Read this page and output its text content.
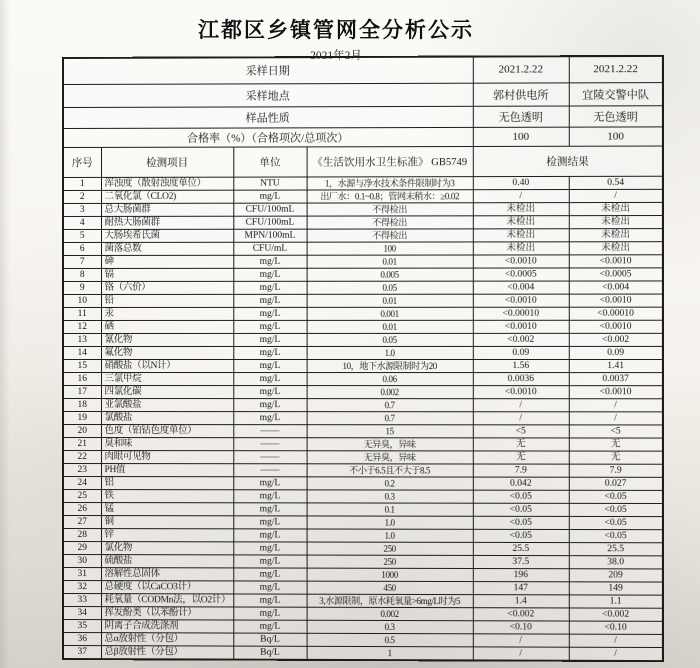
江都区乡镇管网全分析公示
2021年2月
采样日期				2021.2.22	2021.2.22
采样地点				郭村供电所	宜陵交警中队
样品性质				无色透明	无色透明
合格率（%）（合格项次/总项次）				100	100
序号	检测项目	单位	《生活饮用水卫生标准》 GB5749	检测结果	
1	浑浊度（散射浊度单位）	NTU	1，水源与净水技术条件限制时为3	0.40	0.54
2	二氧化氯（CLO2)	mg/L	出厂水：0.1~0.8；管网末稍水：≥0.02	/	/
3	总大肠菌群	CFU/100mL	不得检出	未检出	未检出
4	耐热大肠菌群	CFU/100mL	不得检出	未检出	未检出
5	大肠埃希氏菌	MPN/100mL	不得检出	未检出	未检出
6	菌落总数	CFU/mL	100	未检出	未检出
7	砷	mg/L	0.01	<0.0010	<0.0010
8	镉	mg/L	0.005	<0.0005	<0.0005
9	铬（六价）	mg/L	0.05	<0.004	<0.004
10	铅	mg/L	0.01	<0.0010	<0.0010
11	汞	mg/L	0.001	<0.00010	<0.00010
12	硒	mg/L	0.01	<0.0010	<0.0010
13	氰化物	mg/L	0.05	<0.002	<0.002
14	氟化物	mg/L	1.0	0.09	0.09
15	硝酸盐（以N计）	mg/L	10，地下水源限制时为20	1.56	1.41
16	三氯甲烷	mg/L	0.06	0.0036	0.0037
17	四氯化碳	mg/L	0.002	<0.0010	<0.0010
18	亚氯酸盐	mg/L	0.7	/	/
19	氯酸盐	mg/L	0.7	/	/
20	色度（铂钴色度单位）	——	15	<5	<5
21	臭和味	——	无异臭，异味	无	无
22	肉眼可见物	——	无异臭，异味	无	无
23	PH值	——	不小于6.5且不大于8.5	7.9	7.9
24	铝	mg/L	0.2	0.042	0.027
25	铁	mg/L	0.3	<0.05	<0.05
26	锰	mg/L	0.1	<0.05	<0.05
27	铜	mg/L	1.0	<0.05	<0.05
28	锌	mg/L	1.0	<0.05	<0.05
29	氯化物	mg/L	250	25.5	25.5
30	硫酸盐	mg/L	250	37.5	38.0
31	溶解性总固体	mg/L	1000	196	209
32	总硬度（以CaCO3计）	mg/L	450	147	149
33	耗氧量（CODMn法，以O2计）	mg/L	3,水源限制，原水耗氧量>6mg/L时为5	1.4	1.1
34	挥发酚类（以苯酚计）	mg/L	0.002	<0.002	<0.002
35	阴离子合成洗涤剂	mg/L	0.3	<0.10	<0.10
36	总α放射性（分包）	Bq/L	0.5	/	/
37	总β放射性（分包）	Bq/L	1	/	/
